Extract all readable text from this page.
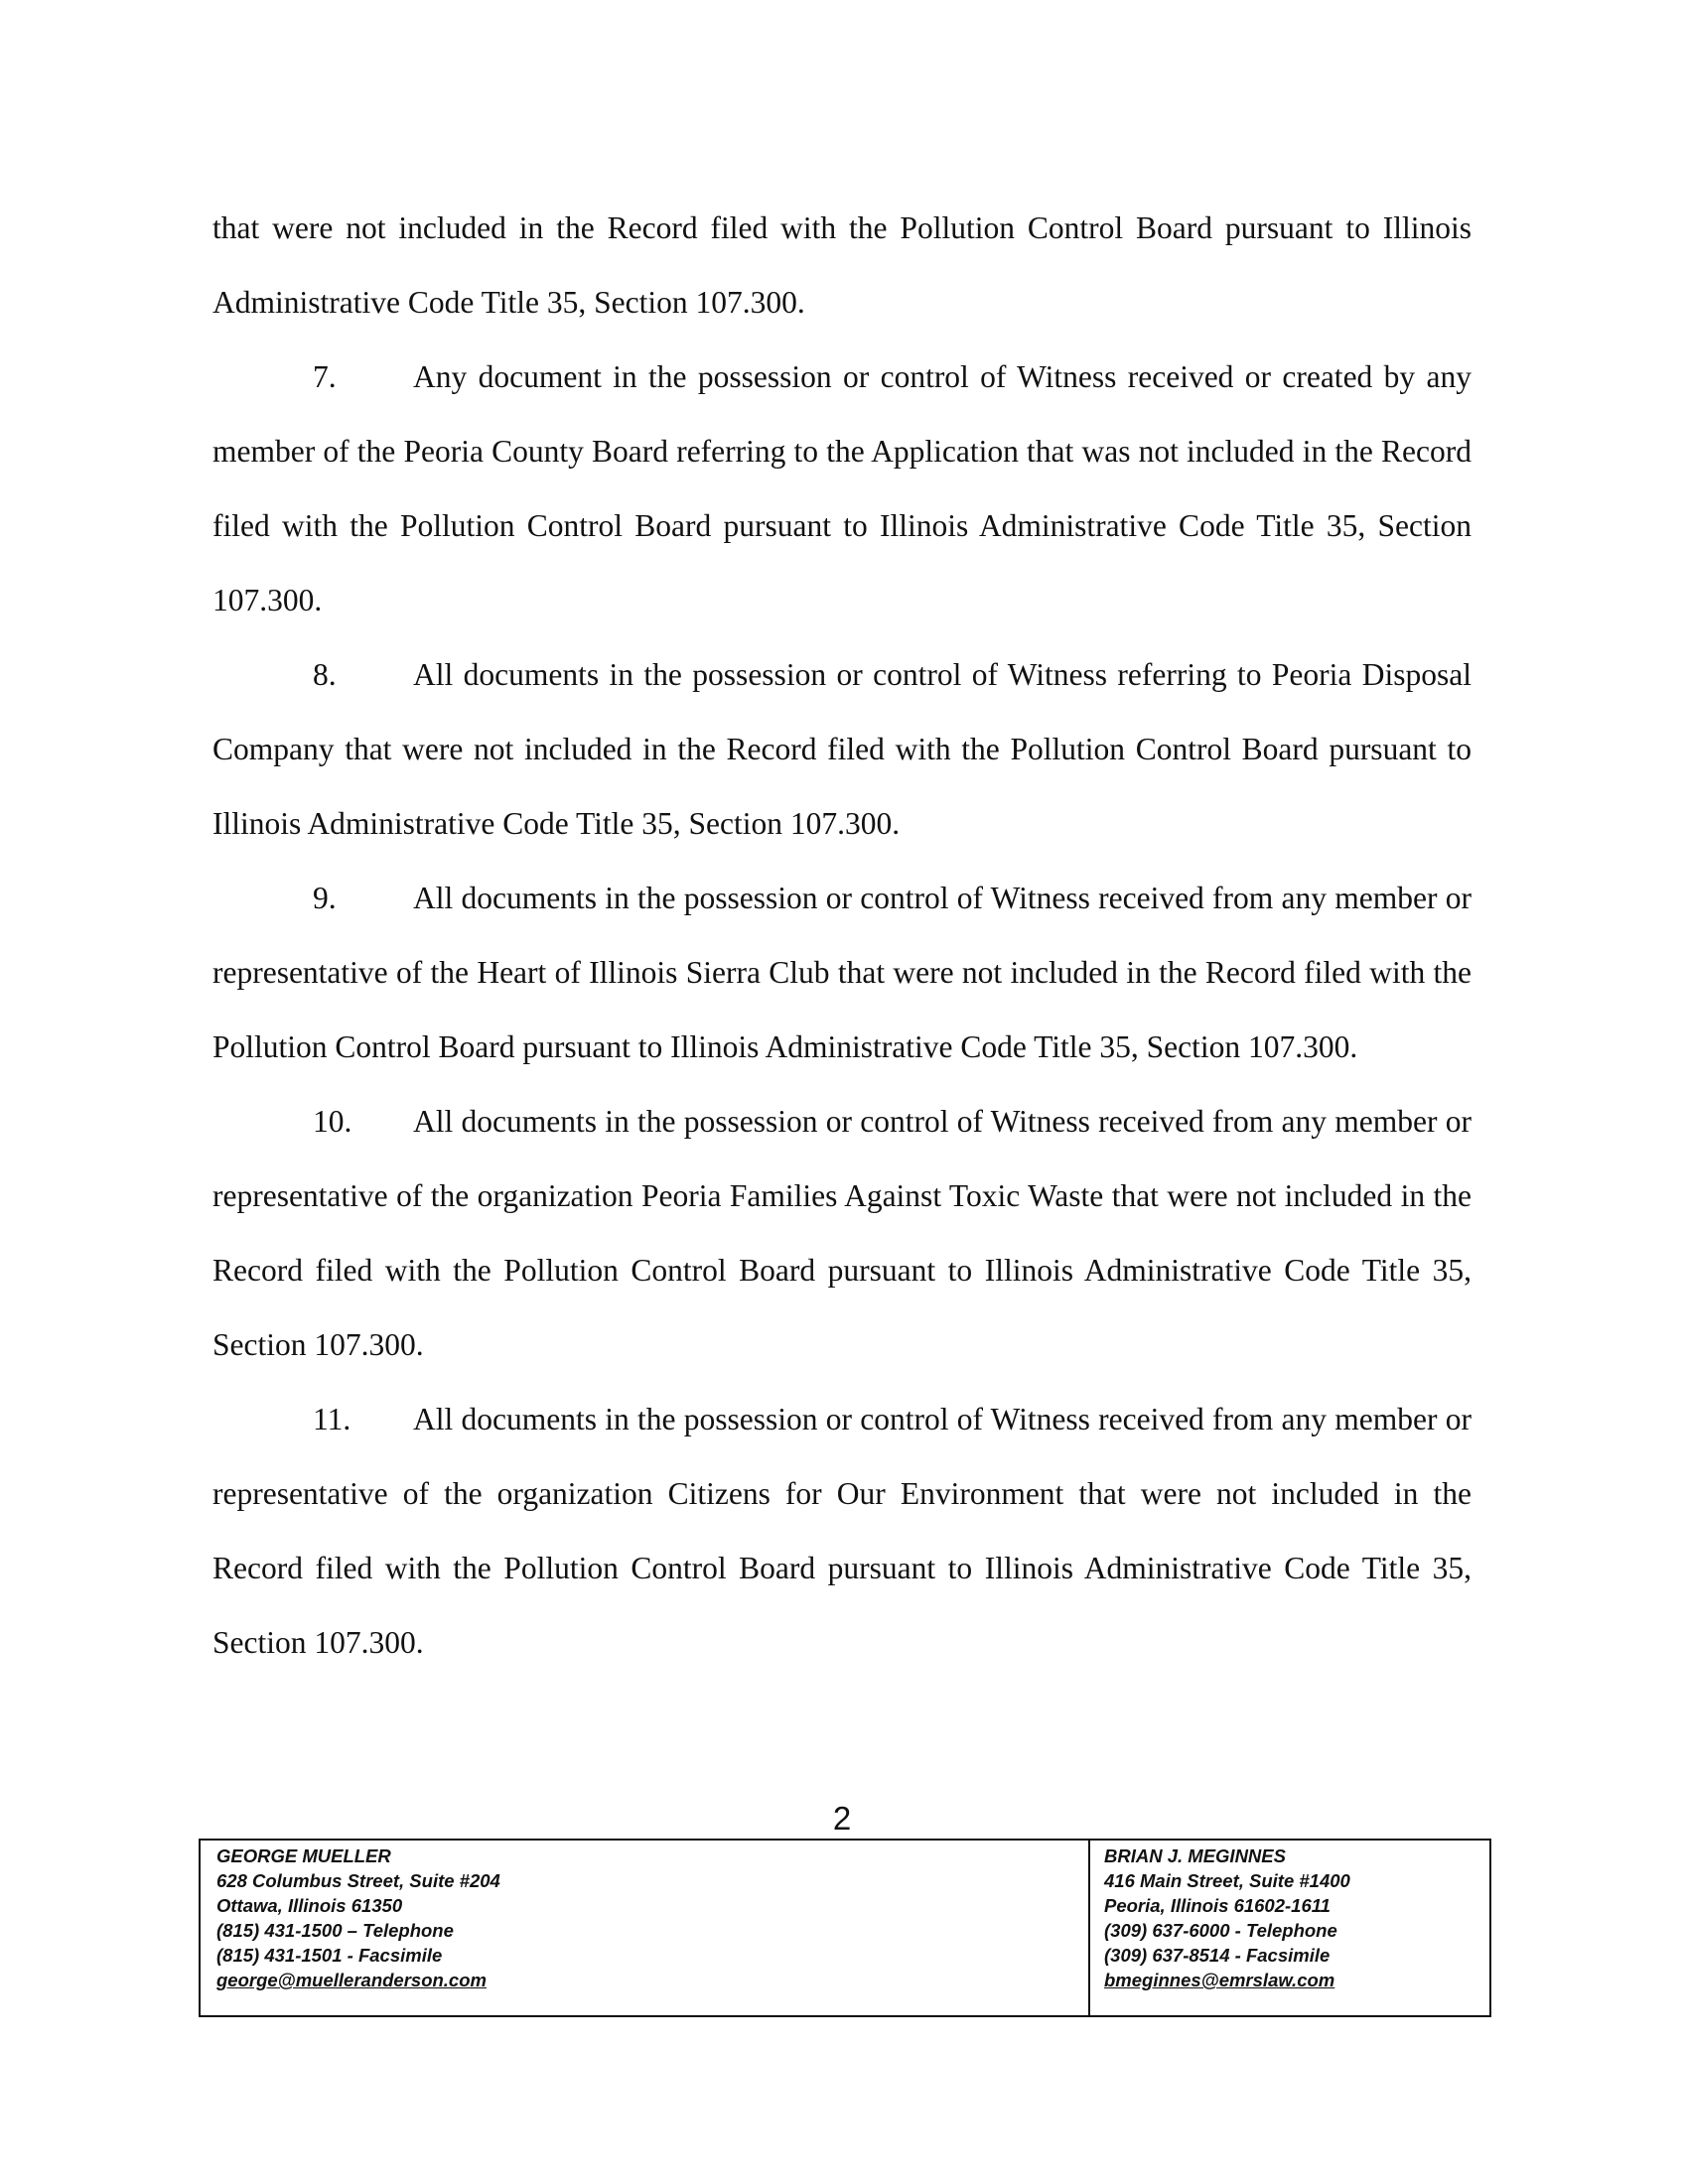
that were not included in the Record filed with the Pollution Control Board pursuant to Illinois Administrative Code Title 35, Section 107.300.

7. Any document in the possession or control of Witness received or created by any member of the Peoria County Board referring to the Application that was not included in the Record filed with the Pollution Control Board pursuant to Illinois Administrative Code Title 35, Section 107.300.

8. All documents in the possession or control of Witness referring to Peoria Disposal Company that were not included in the Record filed with the Pollution Control Board pursuant to Illinois Administrative Code Title 35, Section 107.300.

9. All documents in the possession or control of Witness received from any member or representative of the Heart of Illinois Sierra Club that were not included in the Record filed with the Pollution Control Board pursuant to Illinois Administrative Code Title 35, Section 107.300.

10. All documents in the possession or control of Witness received from any member or representative of the organization Peoria Families Against Toxic Waste that were not included in the Record filed with the Pollution Control Board pursuant to Illinois Administrative Code Title 35, Section 107.300.

11. All documents in the possession or control of Witness received from any member or representative of the organization Citizens for Our Environment that were not included in the Record filed with the Pollution Control Board pursuant to Illinois Administrative Code Title 35, Section 107.300.

2
GEORGE MUELLER
628 Columbus Street, Suite #204
Ottawa, Illinois 61350
(815) 431-1500 – Telephone
(815) 431-1501 - Facsimile
george@muelleranderson.com
BRIAN J. MEGINNES
416 Main Street, Suite #1400
Peoria, Illinois 61602-1611
(309) 637-6000 - Telephone
(309) 637-8514 - Facsimile
bmeginnes@emrslaw.com
